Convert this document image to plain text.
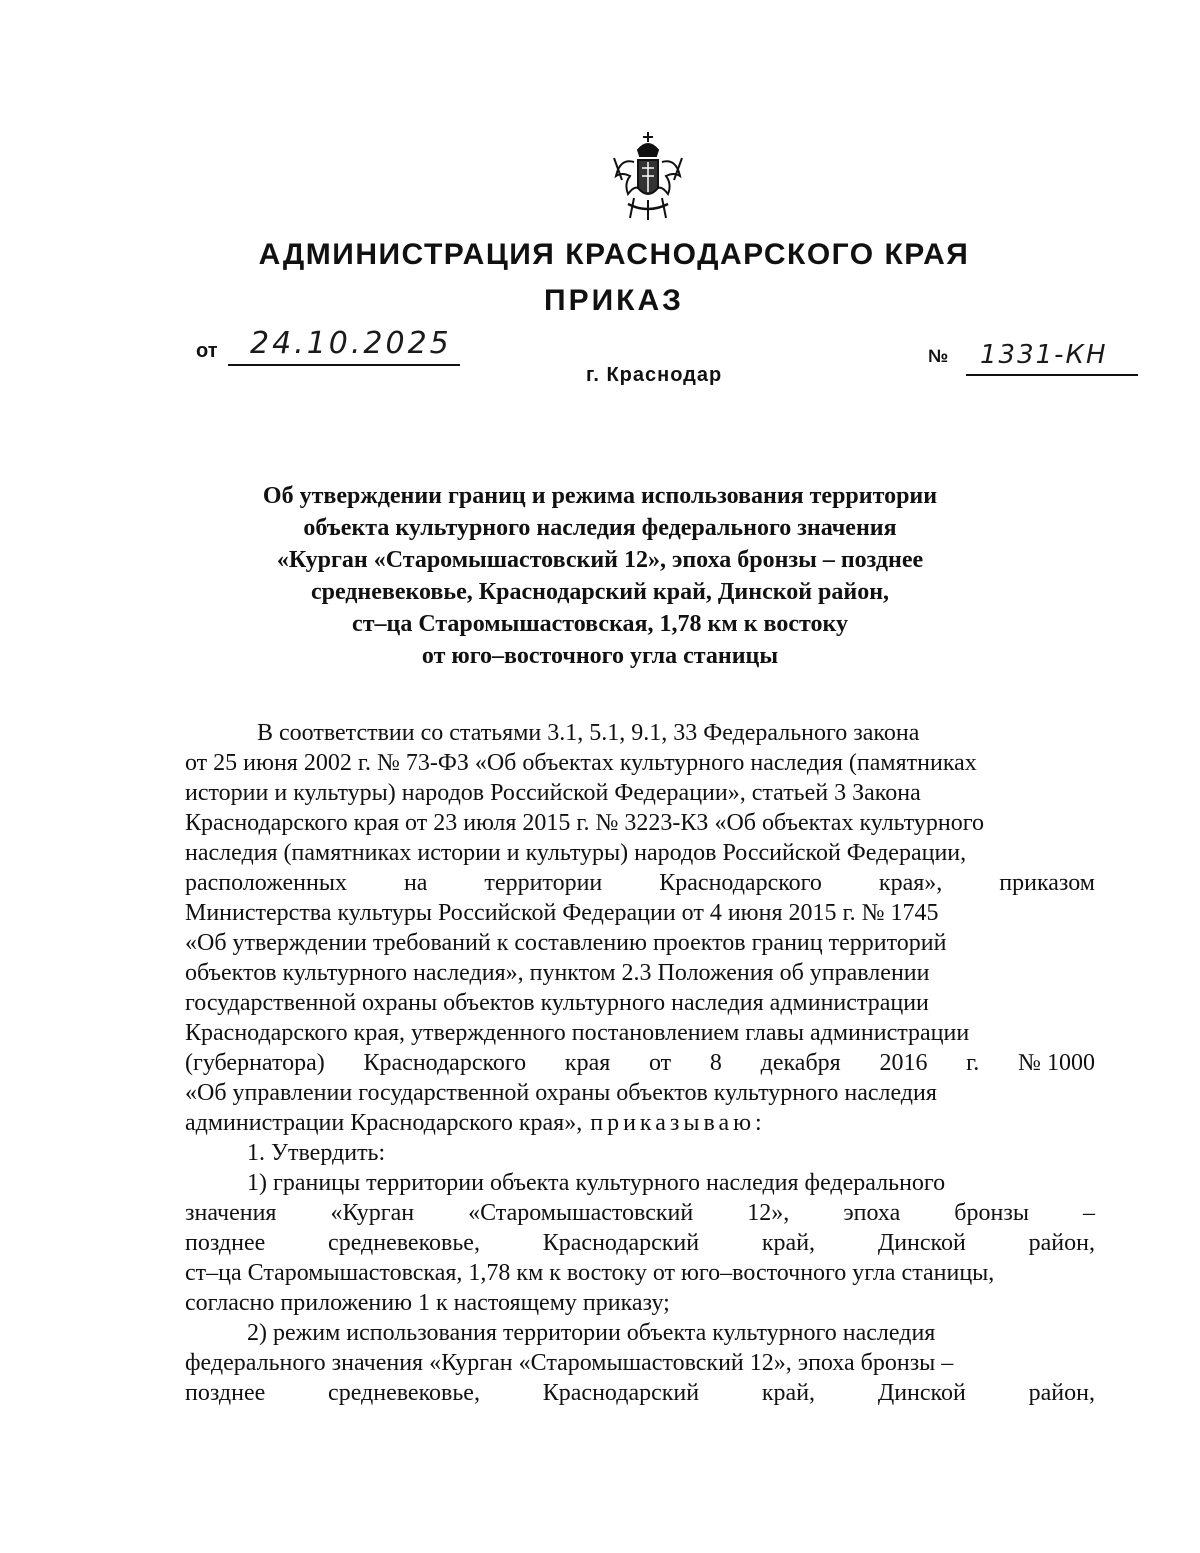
АДМИНИСТРАЦИЯ КРАСНОДАРСКОГО КРАЯ
ПРИКАЗ
от 24.10.2025
г. Краснодар
№ 1331-КН
Об утверждении границ и режима использования территории
объекта культурного наследия федерального значения
«Курган «Старомышастовский 12», эпоха бронзы – позднее
средневековье, Краснодарский край, Динской район,
ст–ца Старомышастовская, 1,78 км к востоку
от юго–восточного угла станицы
В соответствии со статьями 3.1, 5.1, 9.1, 33 Федерального закона
от 25 июня 2002 г. № 73-ФЗ «Об объектах культурного наследия (памятниках
истории и культуры) народов Российской Федерации», статьей 3 Закона
Краснодарского края от 23 июля 2015 г. № 3223-КЗ «Об объектах культурного
наследия (памятниках истории и культуры) народов Российской Федерации,
расположенных на территории Краснодарского края», приказом
Министерства культуры Российской Федерации от 4 июня 2015 г. № 1745
«Об утверждении требований к составлению проектов границ территорий
объектов культурного наследия», пунктом 2.3 Положения об управлении
государственной охраны объектов культурного наследия администрации
Краснодарского края, утвержденного постановлением главы администрации
(губернатора) Краснодарского края от 8 декабря 2016 г. № 1000
«Об управлении государственной охраны объектов культурного наследия
администрации Краснодарского края», приказываю:
1. Утвердить:
1) границы территории объекта культурного наследия федерального
значения «Курган «Старомышастовский 12», эпоха бронзы –
позднее	средневековье,	Краснодарский	край,	Динской	район,
ст–ца Старомышастовская, 1,78 км к востоку от юго–восточного угла станицы,
согласно приложению 1 к настоящему приказу;
2) режим использования территории объекта культурного наследия
федерального значения «Курган «Старомышастовский 12», эпоха бронзы –
позднее	средневековье,	Краснодарский	край,	Динской	район,
